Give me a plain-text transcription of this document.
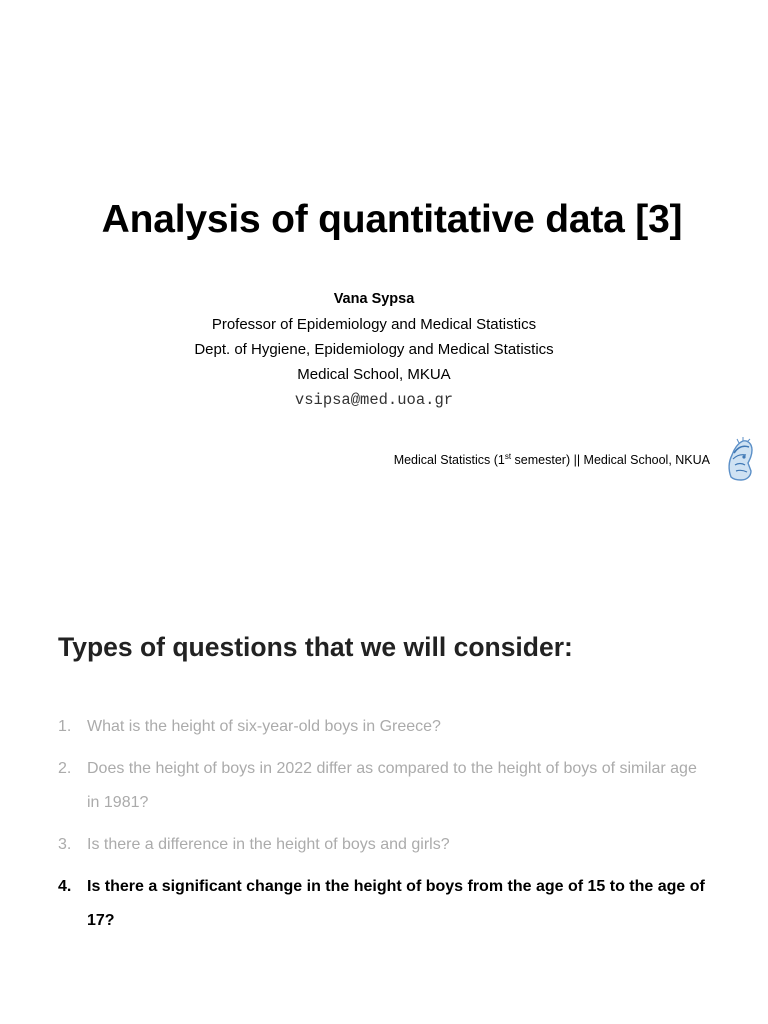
Analysis of quantitative data [3]
Vana Sypsa
Professor of Epidemiology and Medical Statistics
Dept. of Hygiene, Epidemiology and Medical Statistics
Medical School, MKUA
vsipsa@med.uoa.gr
Medical Statistics (1st semester) || Medical School, NKUA
Types of questions that we will consider:
1. What is the height of six-year-old boys in Greece?
2. Does the height of boys in 2022 differ as compared to the height of boys of similar age in 1981?
3. Is there a difference in the height of boys and girls?
4. Is there a significant change in the height of boys from the age of 15 to the age of 17?
